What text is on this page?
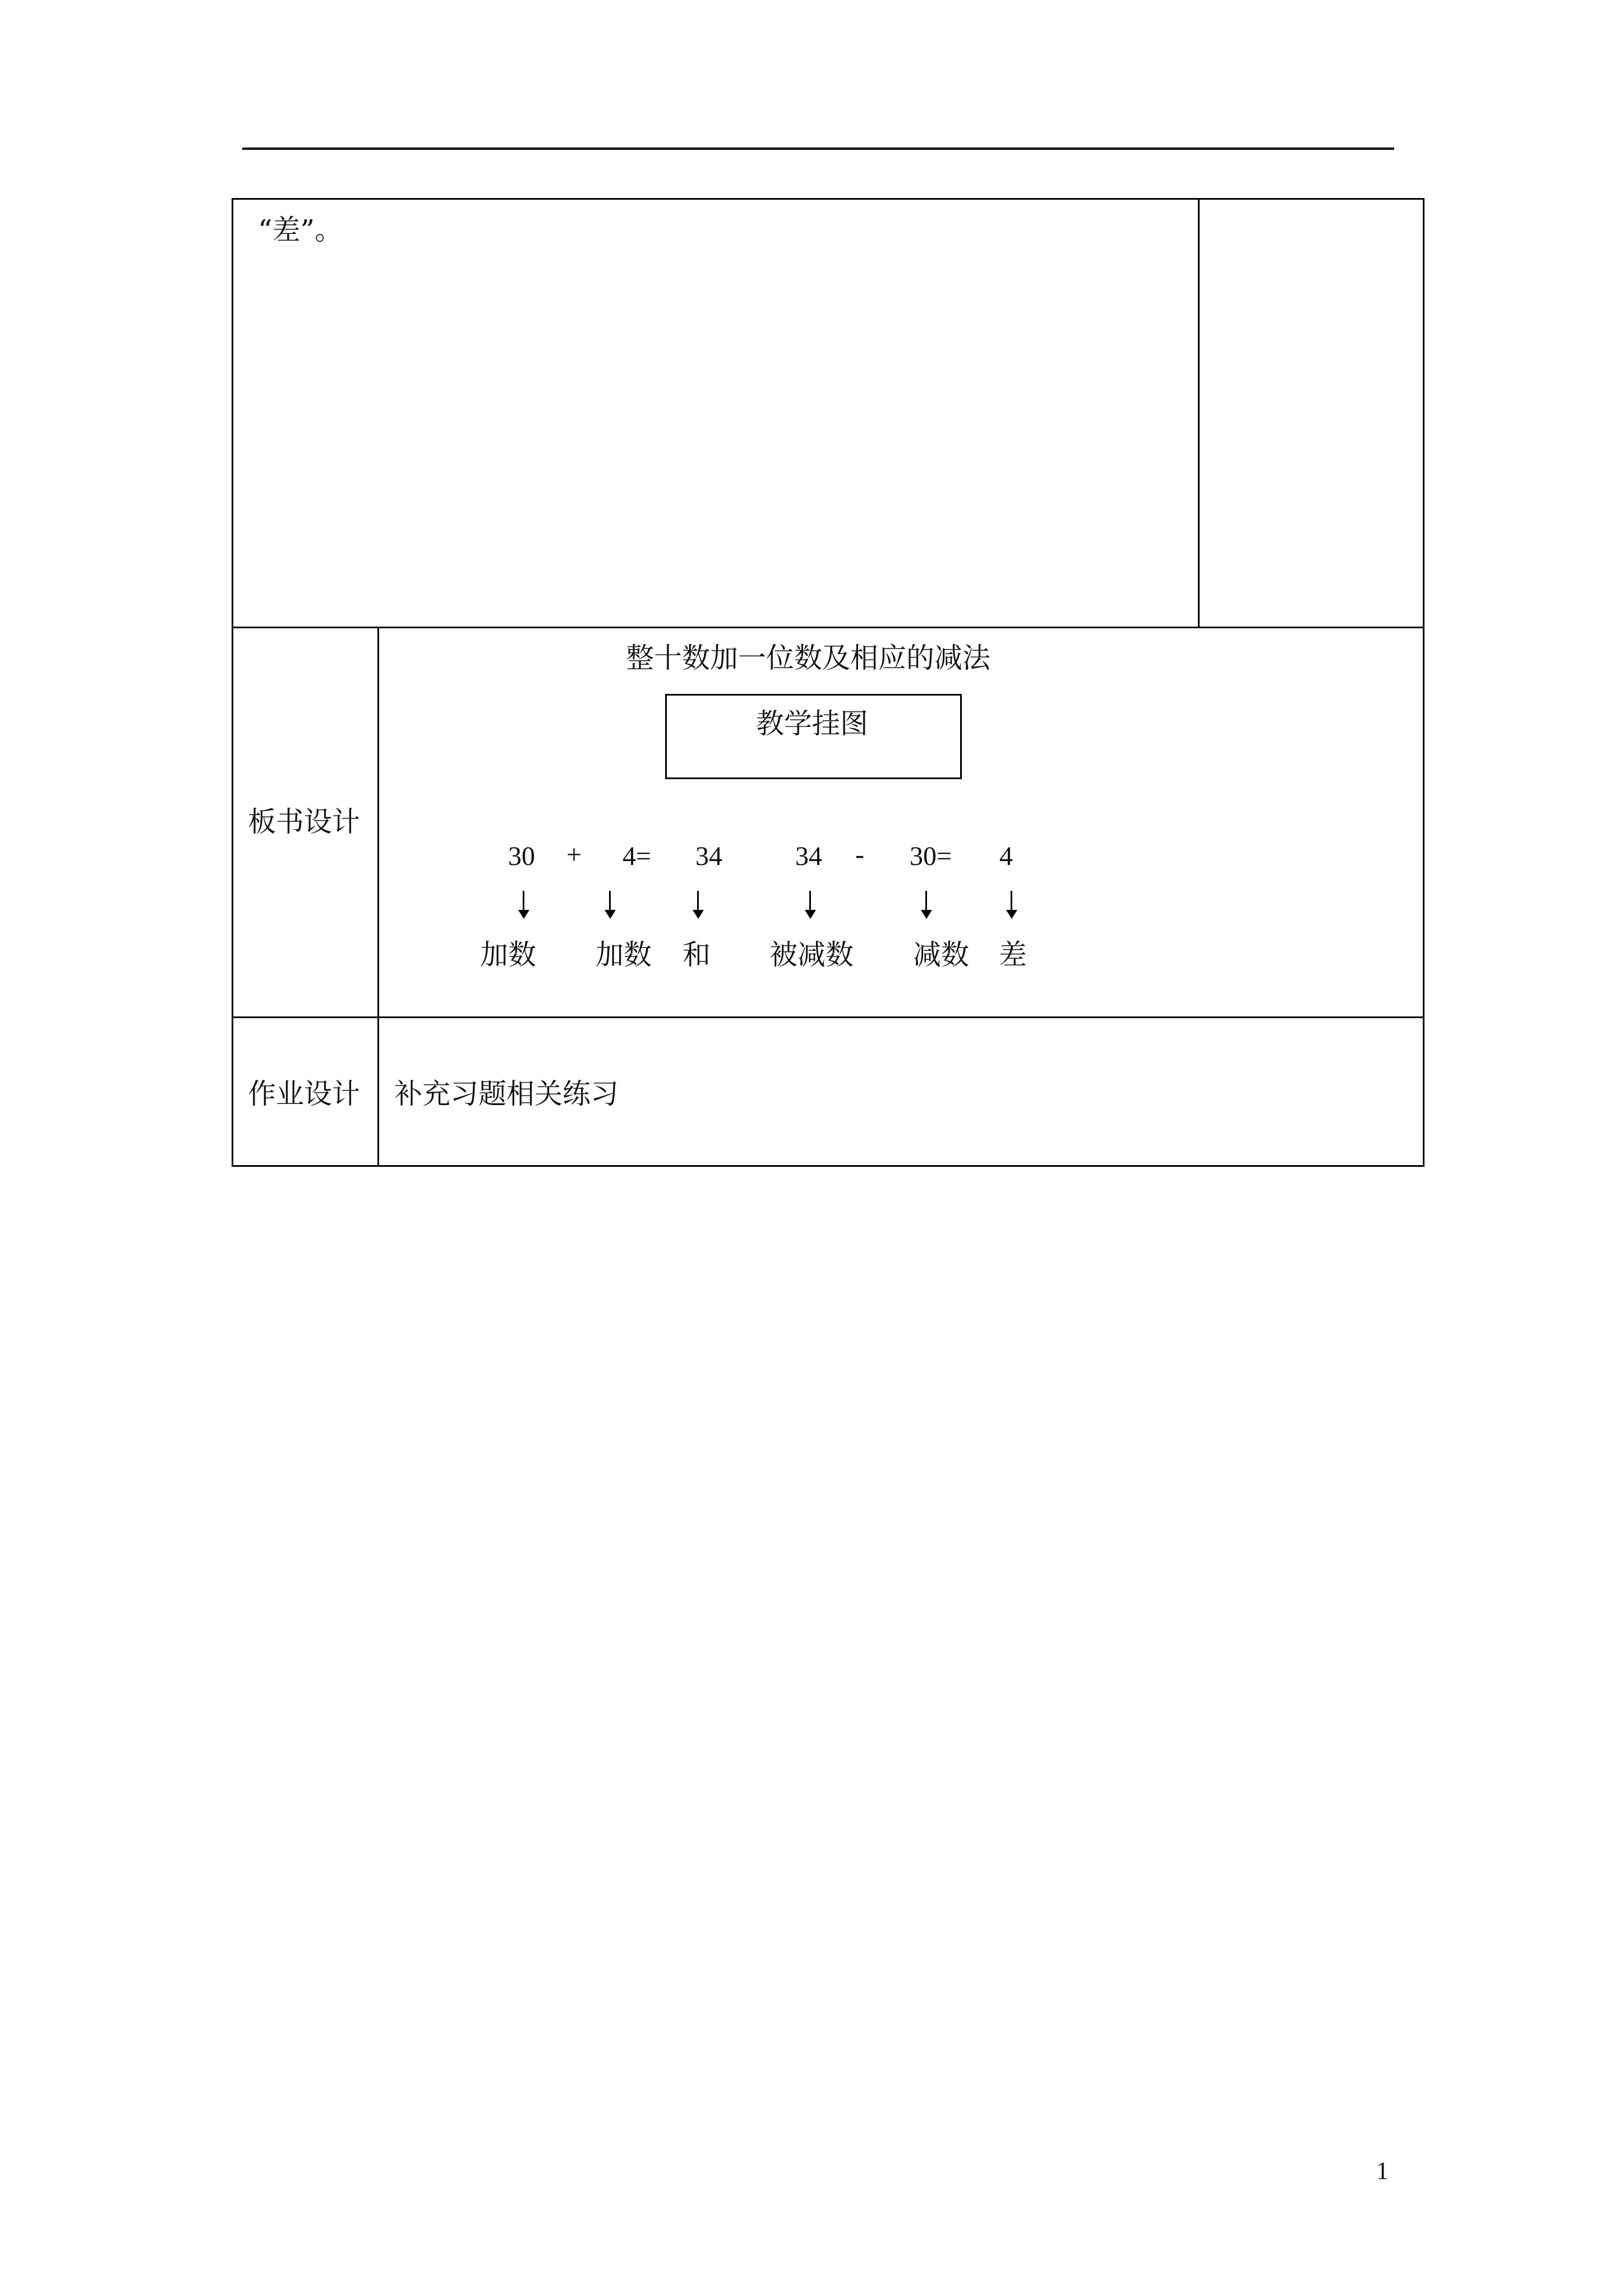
“差”。
板书设计
整十数加一位数及相应的减法
教学挂图
30 + 4= 34	34 - 30= 4
加数 加数 和 被减数 减数 差
作业设计 补充习题相关练习
1
